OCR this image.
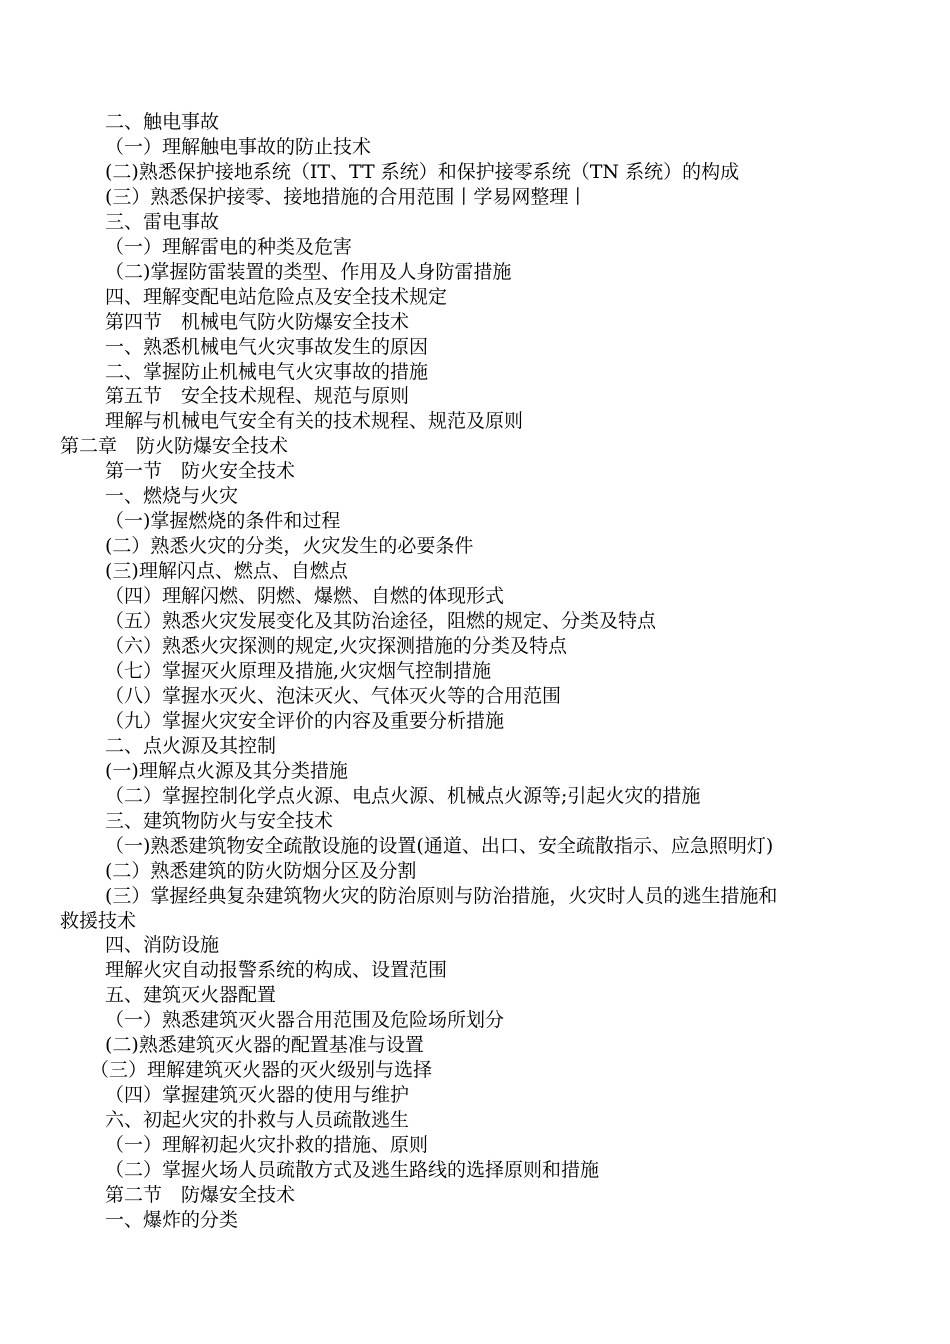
二、触电事故

（一）理解触电事故的防止技术

(二)熟悉保护接地系统（IT、TT 系统）和保护接零系统（TN 系统）的构成

(三）熟悉保护接零、接地措施的合用范围丨学易网整理丨

三、雷电事故

（一）理解雷电的种类及危害

（二)掌握防雷装置的类型、作用及人身防雷措施

四、理解变配电站危险点及安全技术规定

第四节　机械电气防火防爆安全技术

一、熟悉机械电气火灾事故发生的原因

二、掌握防止机械电气火灾事故的措施

第五节　安全技术规程、规范与原则

理解与机械电气安全有关的技术规程、规范及原则

第二章　防火防爆安全技术

第一节　防火安全技术

一、燃烧与火灾

（一)掌握燃烧的条件和过程

(二）熟悉火灾的分类，火灾发生的必要条件

(三)理解闪点、燃点、自燃点

（四）理解闪燃、阴燃、爆燃、自燃的体现形式

（五）熟悉火灾发展变化及其防治途径，阻燃的规定、分类及特点

（六）熟悉火灾探测的规定,火灾探测措施的分类及特点

（七）掌握灭火原理及措施,火灾烟气控制措施

（八）掌握水灭火、泡沫灭火、气体灭火等的合用范围

（九）掌握火灾安全评价的内容及重要分析措施

二、点火源及其控制

(一)理解点火源及其分类措施

（二）掌握控制化学点火源、电点火源、机械点火源等;引起火灾的措施

三、建筑物防火与安全技术

（一)熟悉建筑物安全疏散设施的设置(通道、出口、安全疏散指示、应急照明灯)

(二）熟悉建筑的防火防烟分区及分割

(三）掌握经典复杂建筑物火灾的防治原则与防治措施，火灾时人员的逃生措施和

救援技术

四、消防设施

理解火灾自动报警系统的构成、设置范围

五、建筑灭火器配置

（一）熟悉建筑灭火器合用范围及危险场所划分

(二)熟悉建筑灭火器的配置基准与设置

（三）理解建筑灭火器的灭火级别与选择

（四）掌握建筑灭火器的使用与维护

六、初起火灾的扑救与人员疏散逃生

（一）理解初起火灾扑救的措施、原则

（二）掌握火场人员疏散方式及逃生路线的选择原则和措施

第二节　防爆安全技术

一、爆炸的分类
